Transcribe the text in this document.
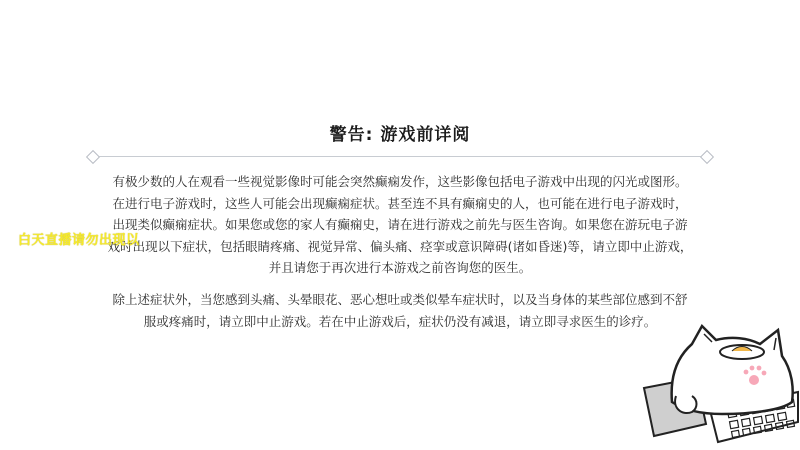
警告: 游戏前详阅
有极少数的人在观看一些视觉影像时可能会突然癫痫发作，这些影像包括电子游戏中出现的闪光或图形。
在进行电子游戏时，这些人可能会出现癫痫症状。甚至连不具有癫痫史的人，也可能在进行电子游戏时，
出现类似癫痫症状。如果您或您的家人有癫痫史，请在进行游戏之前先与医生咨询。如果您在游玩电子游
戏时出现以下症状，包括眼睛疼痛、视觉异常、偏头痛、痉挛或意识障碍(诸如昏迷)等，请立即中止游戏，
并且请您于再次进行本游戏之前咨询您的医生。
除上述症状外，当您感到头痛、头晕眼花、恶心想吐或类似晕车症状时，以及当身体的某些部位感到不舒
服或疼痛时，请立即中止游戏。若在中止游戏后，症状仍没有减退，请立即寻求医生的诊疗。
白天直播请勿出现以
